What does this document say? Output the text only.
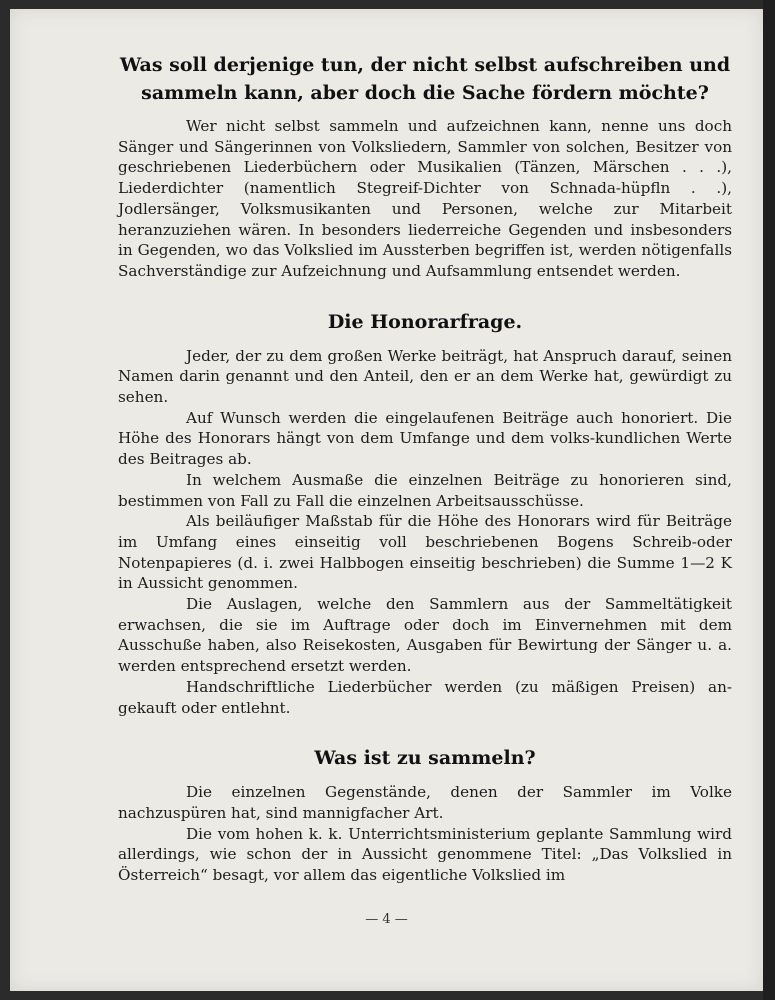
Was soll derjenige tun, der nicht selbst aufschreiben und sammeln kann, aber doch die Sache fördern möchte?

Wer nicht selbst sammeln und aufzeichnen kann, nenne uns doch Sänger und Sängerinnen von Volksliedern, Sammler von solchen, Besitzer von geschriebenen Liederbüchern oder Musikalien (Tänzen, Märschen . . .), Liederdichter (namentlich Stegreif-Dichter von Schnada-hüpfln . .), Jodlersänger, Volksmusikanten und Personen, welche zur Mitarbeit heranzuziehen wären. In besonders liederreiche Gegenden und insbesonders in Gegenden, wo das Volkslied im Aussterben begriffen ist, werden nötigenfalls Sachverständige zur Aufzeichnung und Aufsammlung entsendet werden.

Die Honorarfrage.

Jeder, der zu dem großen Werke beiträgt, hat Anspruch darauf, seinen Namen darin genannt und den Anteil, den er an dem Werke hat, gewürdigt zu sehen.

Auf Wunsch werden die eingelaufenen Beiträge auch honoriert. Die Höhe des Honorars hängt von dem Umfange und dem volks-kundlichen Werte des Beitrages ab.

In welchem Ausmaße die einzelnen Beiträge zu honorieren sind, bestimmen von Fall zu Fall die einzelnen Arbeitsausschüsse.

Als beiläufiger Maßstab für die Höhe des Honorars wird für Beiträge im Umfang eines einseitig voll beschriebenen Bogens Schreib-oder Notenpapieres (d. i. zwei Halbbogen einseitig beschrieben) die Summe 1—2 K in Aussicht genommen.

Die Auslagen, welche den Sammlern aus der Sammeltätigkeit erwachsen, die sie im Auftrage oder doch im Einvernehmen mit dem Ausschuße haben, also Reisekosten, Ausgaben für Bewirtung der Sänger u. a. werden entsprechend ersetzt werden.

Handschriftliche Liederbücher werden (zu mäßigen Preisen) an-gekauft oder entlehnt.

Was ist zu sammeln?

Die einzelnen Gegenstände, denen der Sammler im Volke nachzuspüren hat, sind mannigfacher Art.

Die vom hohen k. k. Unterrichtsministerium geplante Sammlung wird allerdings, wie schon der in Aussicht genommene Titel: „Das Volkslied in Österreich“ besagt, vor allem das eigentliche Volkslied im

— 4 —
